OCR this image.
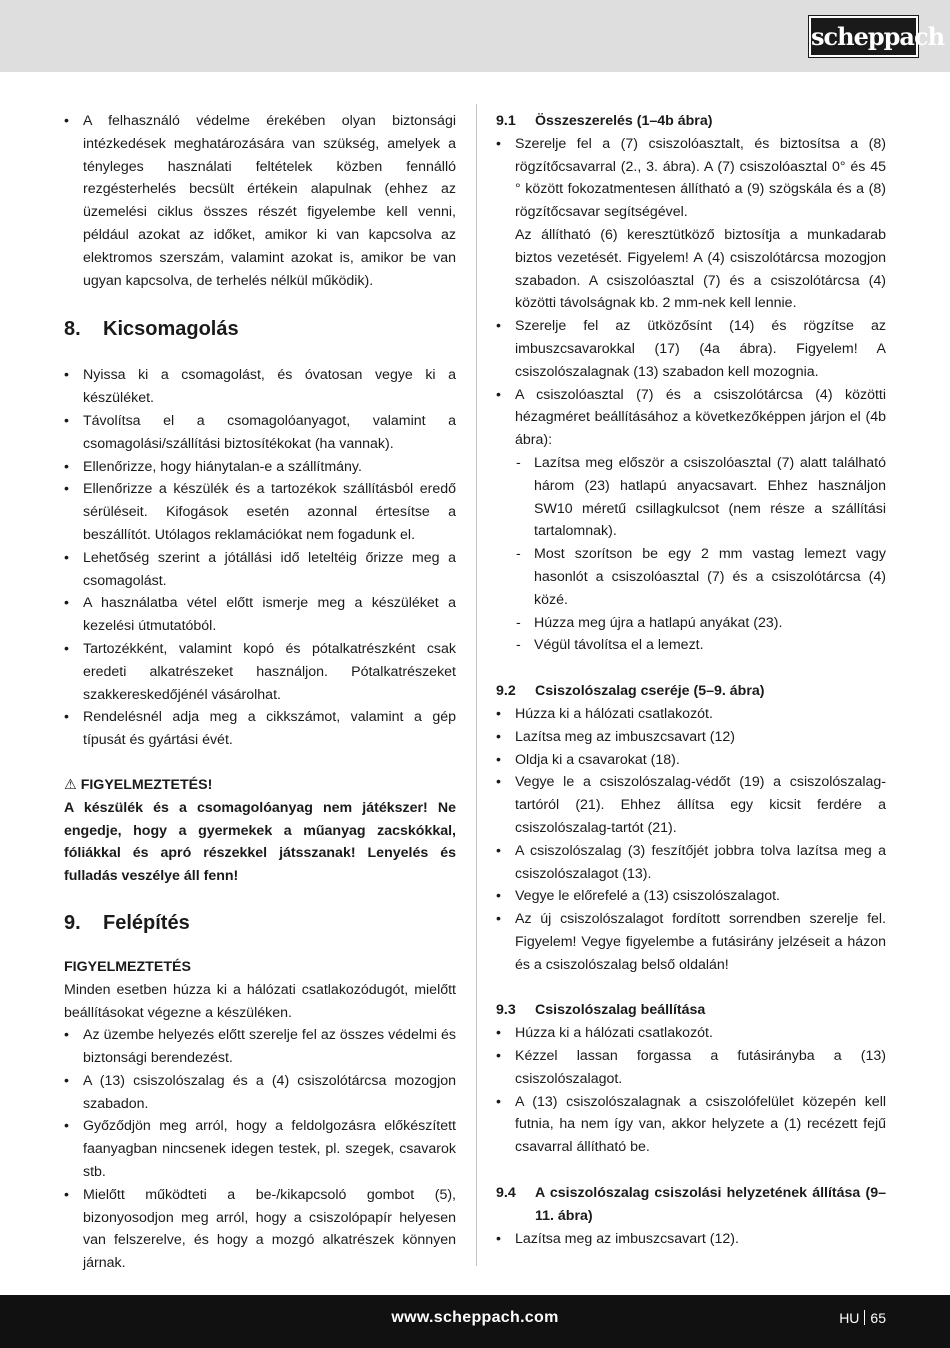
scheppach
• A felhasználó védelme érekében olyan biztonsági intézkedések meghatározására van szükség, amelyek a tényleges használati feltételek közben fennálló rezgésterhelés becsült értékein alapulnak (ehhez az üzemelési ciklus összes részét figyelembe kell venni, például azokat az időket, amikor ki van kapcsolva az elektromos szerszám, valamint azokat is, amikor be van ugyan kapcsolva, de terhelés nélkül működik).
8.	Kicsomagolás
• Nyissa ki a csomagolást, és óvatosan vegye ki a készüléket.
• Távolítsa el a csomagolóanyagot, valamint a csomagolási/szállítási biztosítékokat (ha vannak).
• Ellenőrizze, hogy hiánytalan-e a szállítmány.
• Ellenőrizze a készülék és a tartozékok szállításból eredő sérüléseit. Kifogások esetén azonnal értesítse a beszállítót. Utólagos reklamációkat nem fogadunk el.
• Lehetőség szerint a jótállási idő leteltéig őrizze meg a csomagolást.
• A használatba vétel előtt ismerje meg a készüléket a kezelési útmutatóból.
• Tartozékként, valamint kopó és pótalkatrészként csak eredeti alkatrészeket használjon. Pótalkatrészeket szakkereskedőjénél vásárolhat.
• Rendelésnél adja meg a cikkszámot, valamint a gép típusát és gyártási évét.
⚠ FIGYELMEZTETÉS!
A készülék és a csomagolóanyag nem játékszer! Ne engedje, hogy a gyermekek a műanyag zacskókkal, fóliákkal és apró részekkel játsszanak! Lenyelés és fulladás veszélye áll fenn!
9.	Felépítés
FIGYELMEZTETÉS
Minden esetben húzza ki a hálózati csatlakozódugót, mielőtt beállításokat végezne a készüléken.
• Az üzembe helyezés előtt szerelje fel az összes védelmi és biztonsági berendezést.
• A (13) csiszolószalag és a (4) csiszolótárcsa mozogjon szabadon.
• Győződjön meg arról, hogy a feldolgozásra előkészített faanyagban nincsenek idegen testek, pl. szegek, csavarok stb.
• Mielőtt működteti a be-/kikapcsoló gombot (5), bizonyosodjon meg arról, hogy a csiszolópapír helyesen van felszerelve, és hogy a mozgó alkatrészek könnyen járnak.
9.1	Összeszerelés (1–4b ábra)
• Szerelje fel a (7) csiszolóasztalt, és biztosítsa a (8) rögzítőcsavarral (2., 3. ábra). A (7) csiszolóasztal 0° és 45 ° között fokozatmentesen állítható a (9) szögskála és a (8) rögzítőcsavar segítségével.
Az állítható (6) keresztütköző biztosítja a munkadarab biztos vezetését. Figyelem! A (4) csiszolótárcsa mozogjon szabadon. A csiszolóasztal (7) és a csiszolótárcsa (4) közötti távolságnak kb. 2 mm-nek kell lennie.
• Szerelje fel az ütközősínt (14) és rögzítse az imbuszcsavarokkal (17) (4a ábra). Figyelem! A csiszolószalagnak (13) szabadon kell mozognia.
• A csiszolóasztal (7) és a csiszolótárcsa (4) közötti hézagméret beállításához a következőképpen járjon el (4b ábra):
- Lazítsa meg először a csiszolóasztal (7) alatt található három (23) hatlapú anyacsavart. Ehhez használjon SW10 méretű csillagkulcsot (nem része a szállítási tartalomnak).
- Most szorítson be egy 2 mm vastag lemezt vagy hasonlót a csiszolóasztal (7) és a csiszolótárcsa (4) közé.
- Húzza meg újra a hatlapú anyákat (23).
- Végül távolítsa el a lemezt.
9.2	Csiszolószalag cseréje (5–9. ábra)
• Húzza ki a hálózati csatlakozót.
• Lazítsa meg az imbuszcsavart (12)
• Oldja ki a csavarokat (18).
• Vegye le a csiszolószalag-védőt (19) a csiszolószalag-tartóról (21). Ehhez állítsa egy kicsit ferdére a csiszolószalag-tartót (21).
• A csiszolószalag (3) feszítőjét jobbra tolva lazítsa meg a csiszolószalagot (13).
• Vegye le előrefelé a (13) csiszolószalagot.
• Az új csiszolószalagot fordított sorrendben szerelje fel. Figyelem! Vegye figyelembe a futásirány jelzéseit a házon és a csiszolószalag belső oldalán!
9.3	Csiszolószalag beállítása
• Húzza ki a hálózati csatlakozót.
• Kézzel lassan forgassa a futásirányba a (13) csiszolószalagot.
• A (13) csiszolószalagnak a csiszolófelület közepén kell futnia, ha nem így van, akkor helyzete a (1) recézett fejű csavarral állítható be.
9.4	A csiszolószalag csiszolási helyzetének állítása (9–11. ábra)
• Lazítsa meg az imbuszcsavart (12).
www.scheppach.com	HU 65
